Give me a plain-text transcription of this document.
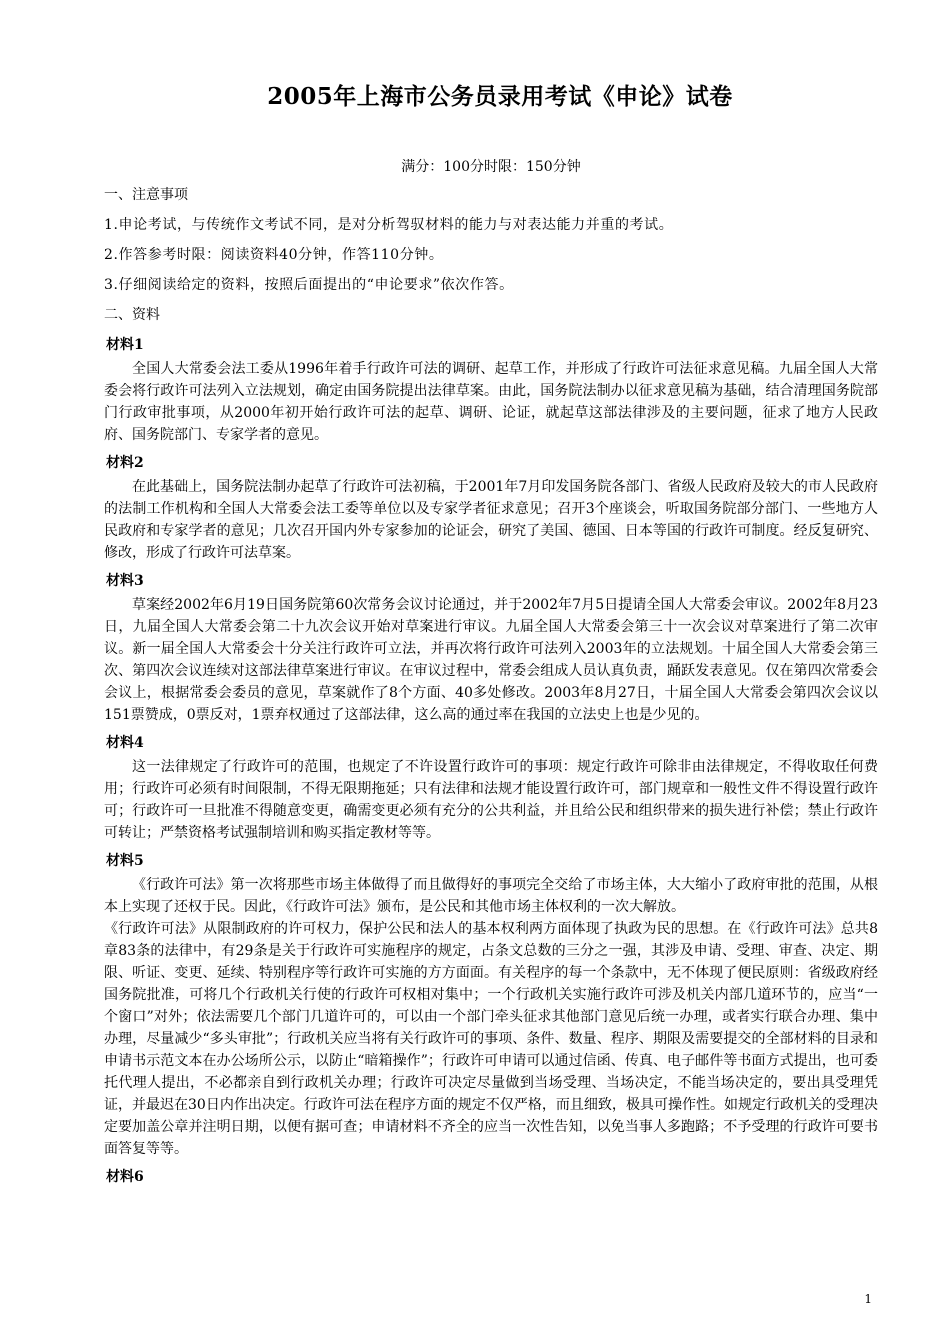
2005年上海市公务员录用考试《申论》试卷
满分：100分时限：150分钟
一、注意事项
1.申论考试，与传统作文考试不同，是对分析驾驭材料的能力与对表达能力并重的考试。
2.作答参考时限：阅读资料40分钟，作答110分钟。
3.仔细阅读给定的资料，按照后面提出的“申论要求”依次作答。
二、资料
材料1
全国人大常委会法工委从1996年着手行政许可法的调研、起草工作，并形成了行政许可法征求意见稿。九届全国人大常委会将行政许可法列入立法规划，确定由国务院提出法律草案。由此，国务院法制办以征求意见稿为基础，结合清理国务院部门行政审批事项，从2000年初开始行政许可法的起草、调研、论证，就起草这部法律涉及的主要问题，征求了地方人民政府、国务院部门、专家学者的意见。
材料2
在此基础上，国务院法制办起草了行政许可法初稿，于2001年7月印发国务院各部门、省级人民政府及较大的市人民政府的法制工作机构和全国人大常委会法工委等单位以及专家学者征求意见；召开3个座谈会，听取国务院部分部门、一些地方人民政府和专家学者的意见；几次召开国内外专家参加的论证会，研究了美国、德国、日本等国的行政许可制度。经反复研究、修改，形成了行政许可法草案。
材料3
草案经2002年6月19日国务院第60次常务会议讨论通过，并于2002年7月5日提请全国人大常委会审议。2002年8月23日，九届全国人大常委会第二十九次会议开始对草案进行审议。九届全国人大常委会第三十一次会议对草案进行了第二次审议。新一届全国人大常委会十分关注行政许可立法，并再次将行政许可法列入2003年的立法规划。十届全国人大常委会第三次、第四次会议连续对这部法律草案进行审议。在审议过程中，常委会组成人员认真负责，踊跃发表意见。仅在第四次常委会会议上，根据常委会委员的意见，草案就作了8个方面、40多处修改。2003年8月27日，十届全国人大常委会第四次会议以151票赞成，0票反对，1票弃权通过了这部法律，这么高的通过率在我国的立法史上也是少见的。
材料4
这一法律规定了行政许可的范围，也规定了不许设置行政许可的事项：规定行政许可除非由法律规定，不得收取任何费用；行政许可必须有时间限制，不得无限期拖延；只有法律和法规才能设置行政许可，部门规章和一般性文件不得设置行政许可；行政许可一旦批准不得随意变更，确需变更必须有充分的公共利益，并且给公民和组织带来的损失进行补偿；禁止行政许可转让；严禁资格考试强制培训和购买指定教材等等。
材料5
《行政许可法》第一次将那些市场主体做得了而且做得好的事项完全交给了市场主体，大大缩小了政府审批的范围，从根本上实现了还权于民。因此，《行政许可法》颁布，是公民和其他市场主体权利的一次大解放。
《行政许可法》从限制政府的许可权力，保护公民和法人的基本权利两方面体现了执政为民的思想。在《行政许可法》总共8章83条的法律中，有29条是关于行政许可实施程序的规定，占条文总数的三分之一强，其涉及申请、受理、审查、决定、期限、听证、变更、延续、特别程序等行政许可实施的方方面面。有关程序的每一个条款中，无不体现了便民原则：省级政府经国务院批准，可将几个行政机关行使的行政许可权相对集中；一个行政机关实施行政许可涉及机关内部几道环节的，应当“一个窗口”对外；依法需要几个部门几道许可的，可以由一个部门牵头征求其他部门意见后统一办理，或者实行联合办理、集中办理，尽量减少“多头审批”；行政机关应当将有关行政许可的事项、条件、数量、程序、期限及需要提交的全部材料的目录和申请书示范文本在办公场所公示，以防止“暗箱操作”；行政许可申请可以通过信函、传真、电子邮件等书面方式提出，也可委托代理人提出，不必都亲自到行政机关办理；行政许可决定尽量做到当场受理、当场决定，不能当场决定的，要出具受理凭证，并最迟在30日内作出决定。行政许可法在程序方面的规定不仅严格，而且细致，极具可操作性。如规定行政机关的受理决定要加盖公章并注明日期，以便有据可查；申请材料不齐全的应当一次性告知，以免当事人多跑路；不予受理的行政许可要书面答复等等。
材料6
1
